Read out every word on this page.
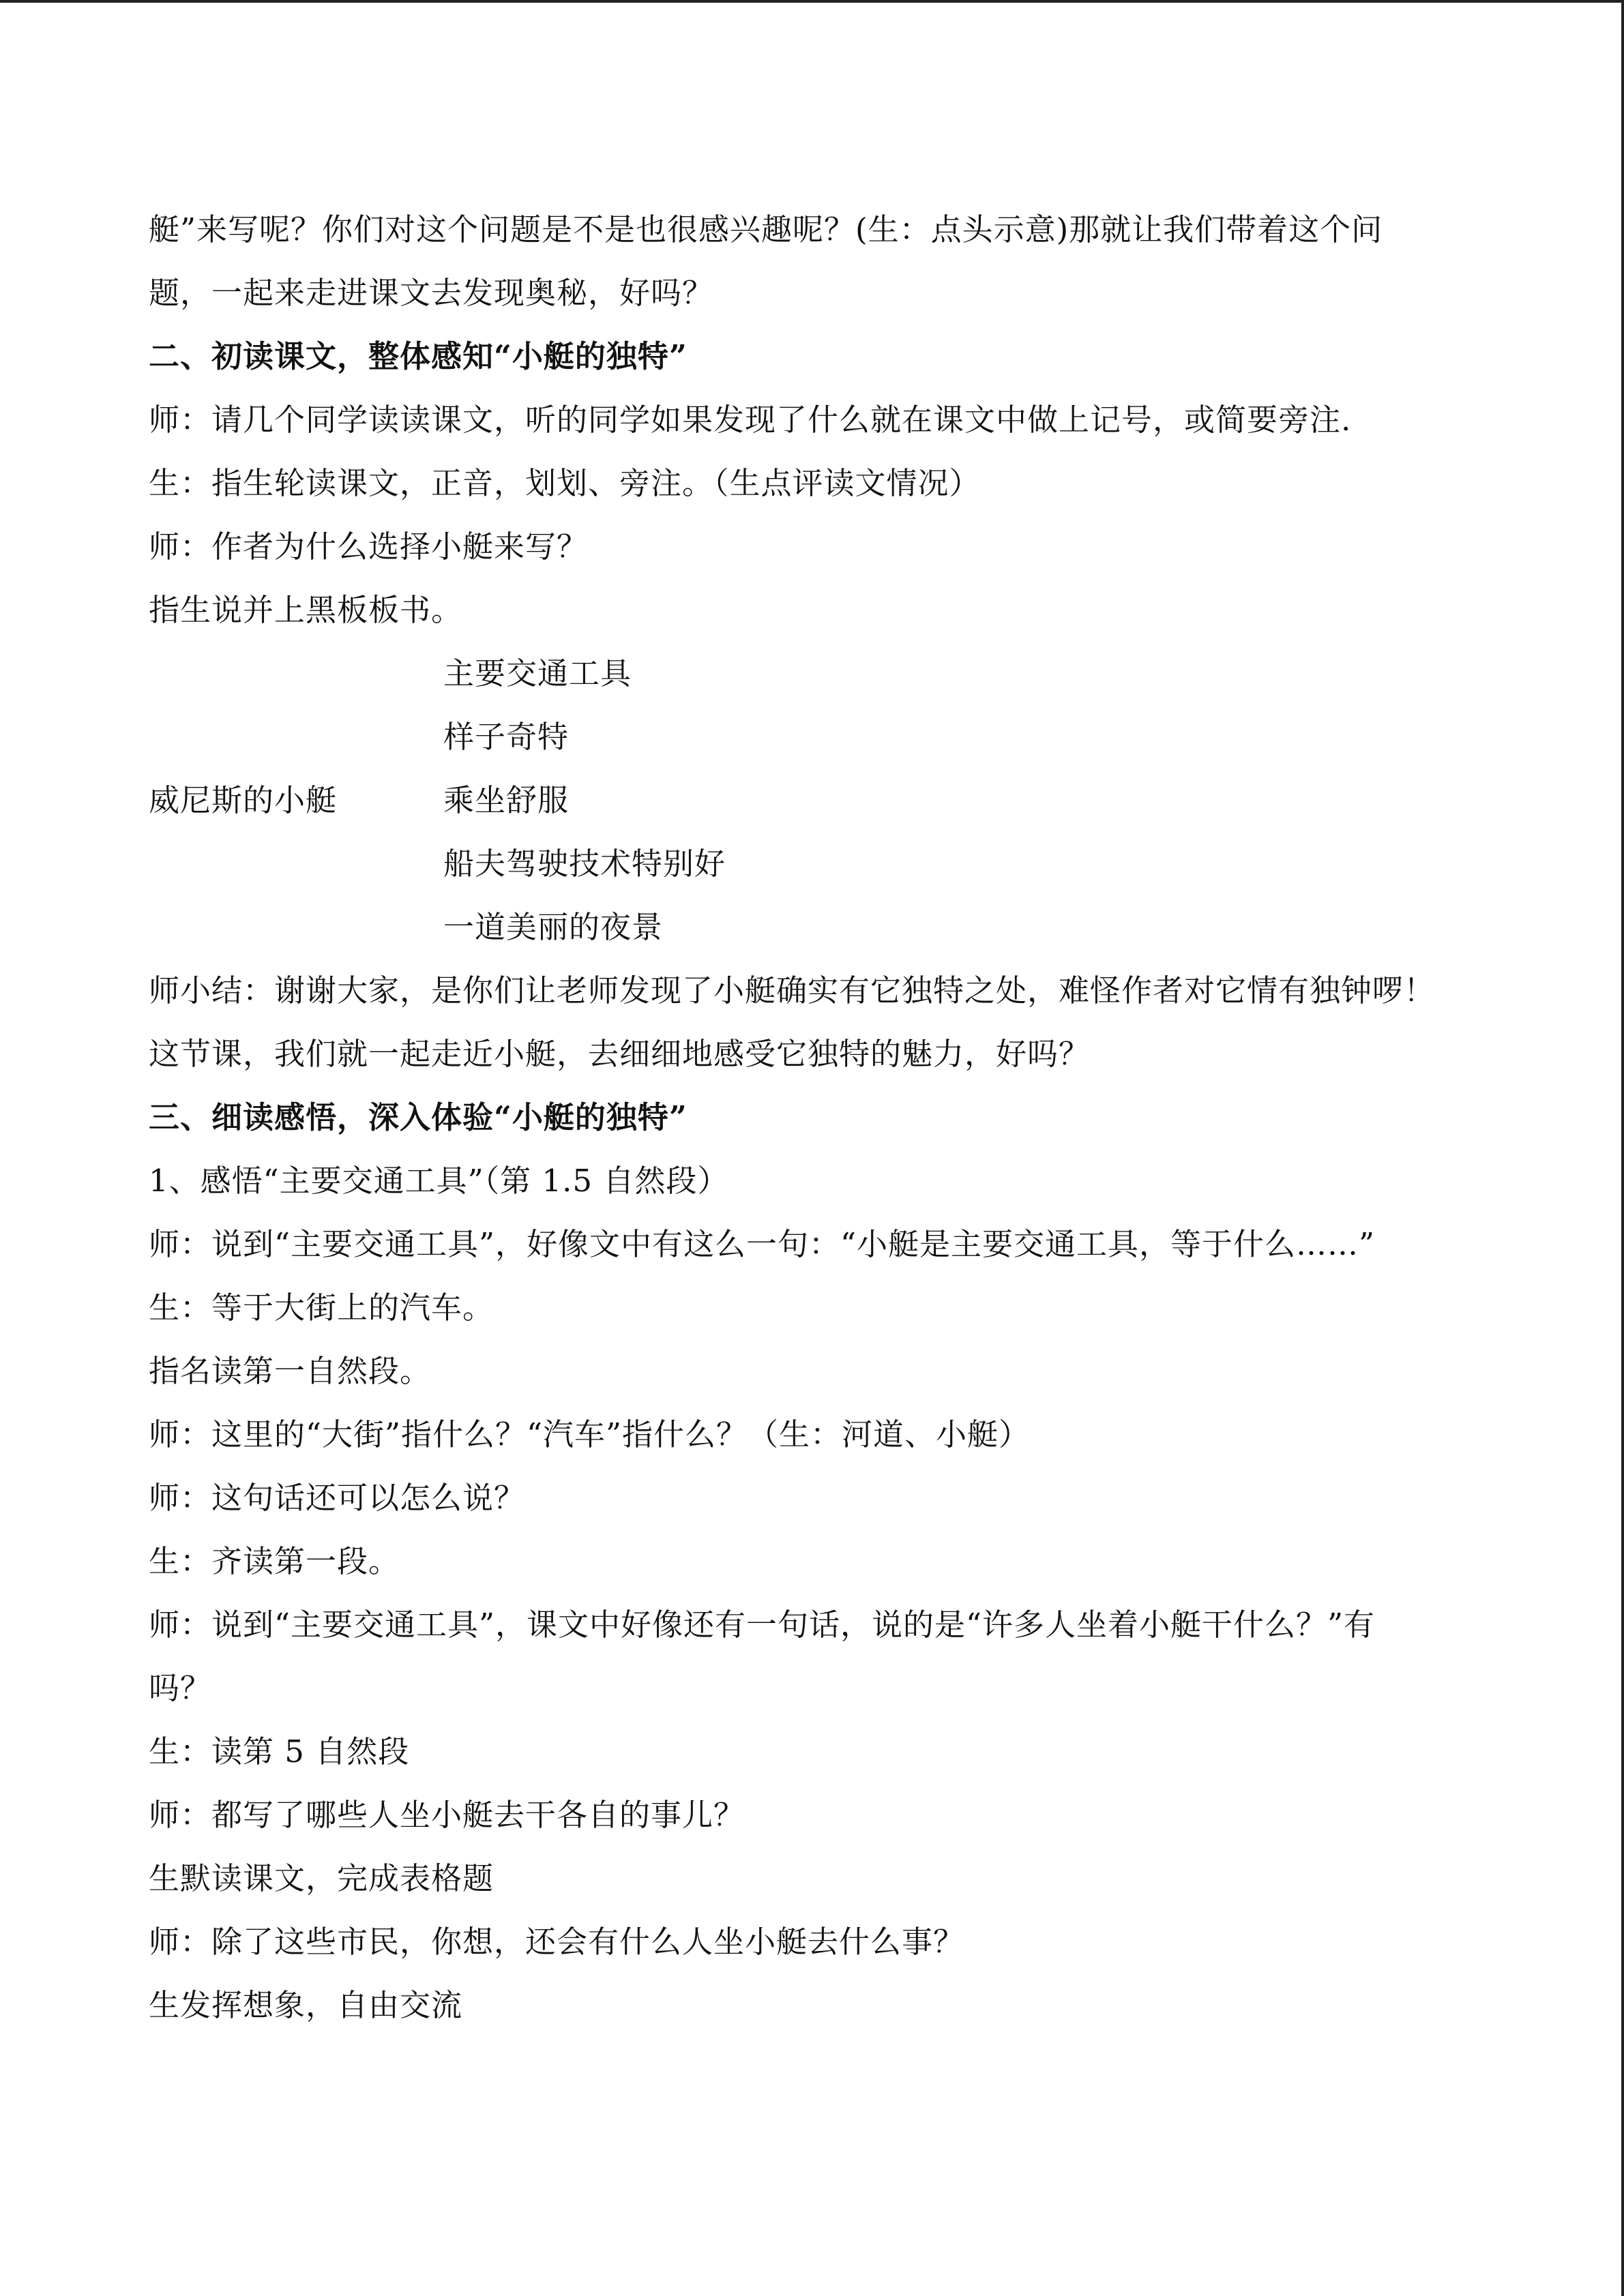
艇”来写呢？你们对这个问题是不是也很感兴趣呢？(生：点头示意)那就让我们带着这个问
题，一起来走进课文去发现奥秘，好吗？
二、初读课文，整体感知“小艇的独特”
师：请几个同学读读课文，听的同学如果发现了什么就在课文中做上记号，或简要旁注.
生：指生轮读课文，正音，划划、旁注。（生点评读文情况）
师：作者为什么选择小艇来写？
指生说并上黑板板书。
主要交通工具
样子奇特
威尼斯的小艇	乘坐舒服
船夫驾驶技术特别好
一道美丽的夜景
师小结：谢谢大家，是你们让老师发现了小艇确实有它独特之处，难怪作者对它情有独钟啰！
这节课，我们就一起走近小艇，去细细地感受它独特的魅力，好吗？
三、细读感悟，深入体验“小艇的独特”
1、感悟“主要交通工具”（第 1.5 自然段）
师：说到“主要交通工具”，好像文中有这么一句：“小艇是主要交通工具，等于什么……”
生：等于大街上的汽车。
指名读第一自然段。
师：这里的“大街”指什么？“汽车”指什么？（生：河道、小艇）
师：这句话还可以怎么说？
生：齐读第一段。
师：说到“主要交通工具”，课文中好像还有一句话，说的是“许多人坐着小艇干什么？”有
吗？
生：读第 5 自然段
师：都写了哪些人坐小艇去干各自的事儿？
生默读课文，完成表格题
师：除了这些市民，你想，还会有什么人坐小艇去什么事？
生发挥想象，自由交流
